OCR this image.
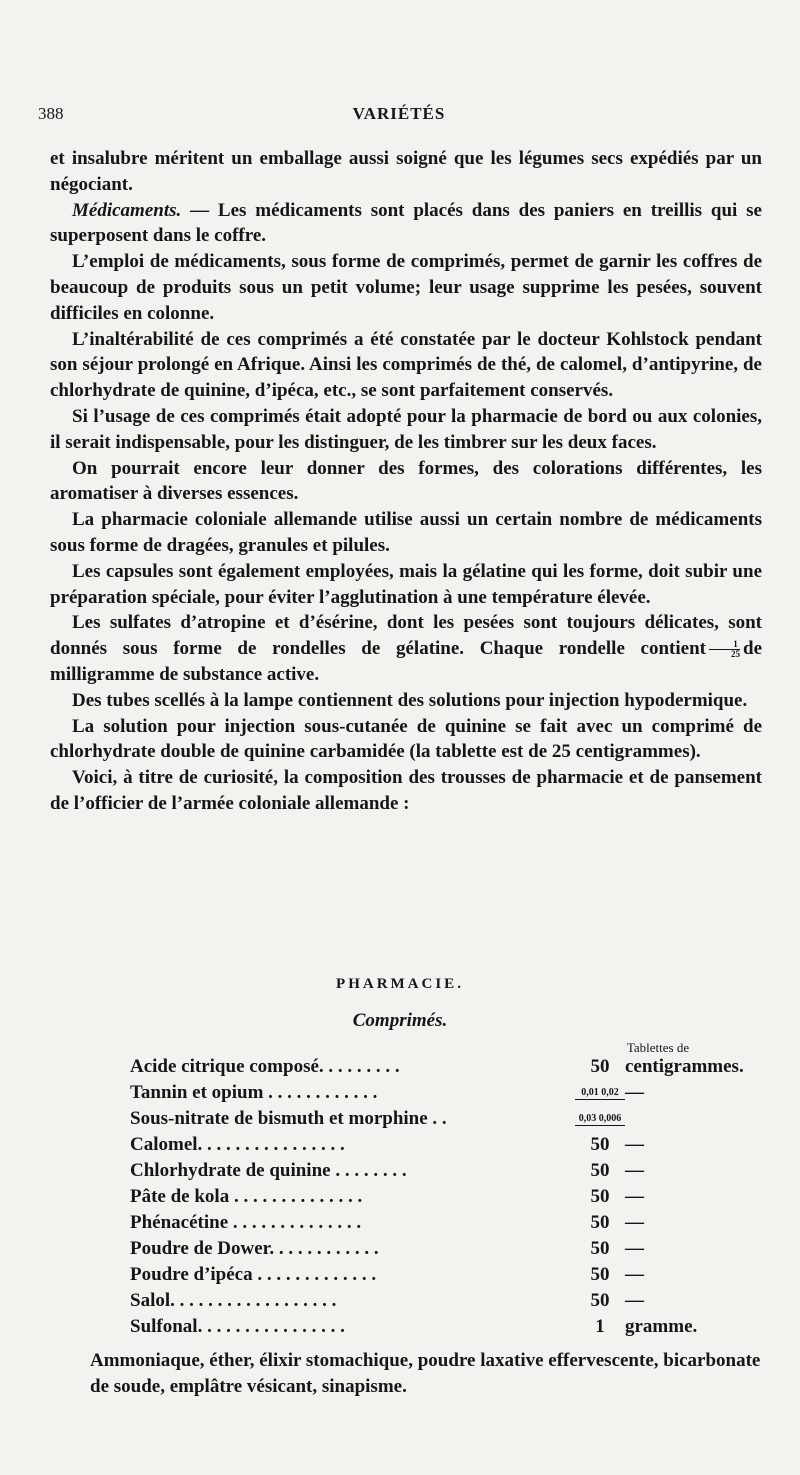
388	VARIÉTÉS

et insalubre méritent un emballage aussi soigné que les légumes secs expédiés par un négociant.

Médicaments. — Les médicaments sont placés dans des paniers en treillis qui se superposent dans le coffre.

L’emploi de médicaments, sous forme de comprimés, permet de garnir les coffres de beaucoup de produits sous un petit volume; leur usage supprime les pesées, souvent difficiles en colonne.

L’inaltérabilité de ces comprimés a été constatée par le docteur Kohlstock pendant son séjour prolongé en Afrique. Ainsi les comprimés de thé, de calomel, d’antipyrine, de chlorhydrate de quinine, d’ipéca, etc., se sont parfaitement conservés.

Si l’usage de ces comprimés était adopté pour la pharmacie de bord ou aux colonies, il serait indispensable, pour les distinguer, de les timbrer sur les deux faces.

On pourrait encore leur donner des formes, des colorations différentes, les aromatiser à diverses essences.

La pharmacie coloniale allemande utilise aussi un certain nombre de médicaments sous forme de dragées, granules et pilules.

Les capsules sont également employées, mais la gélatine qui les forme, doit subir une préparation spéciale, pour éviter l’agglutination à une température élevée.

Les sulfates d’atropine et d’ésérine, dont les pesées sont toujours délicates, sont donnés sous forme de rondelles de gélatine. Chaque rondelle contient $\frac{1}{25}$ de milligramme de substance active.

Des tubes scellés à la lampe contiennent des solutions pour injection hypodermique.

La solution pour injection sous-cutanée de quinine se fait avec un comprimé de chlorhydrate double de quinine carbamidée (la tablette est de 25 centigrammes).

Voici, à titre de curiosité, la composition des trousses de pharmacie et de pansement de l’officier de l’armée coloniale allemande :

PHARMACIE.
Comprimés.
Tablettes de
Acide citrique composé. . . . . . . . .	50 centigrammes.
Tannin et opium . . . . . . . . . . . .	0,01 0,02 —
Sous-nitrate de bismuth et morphine . .	0,03 0,006
Calomel. . . . . . . . . . . . . . . .	50 —
Chlorhydrate de quinine . . . . . . . .	50 —
Pâte de kola . . . . . . . . . . . . . .	50 —
Phénacétine . . . . . . . . . . . . . .	50 —
Poudre de Dower. . . . . . . . . . . .	50 —
Poudre d’ipéca . . . . . . . . . . . . .	50 —
Salol. . . . . . . . . . . . . . . . . .	50 —
Sulfonal. . . . . . . . . . . . . . . .	1	gramme.
Ammoniaque, éther, élixir stomachique, poudre laxative effervescente, bicarbonate de soude, emplâtre vésicant, sinapisme.
